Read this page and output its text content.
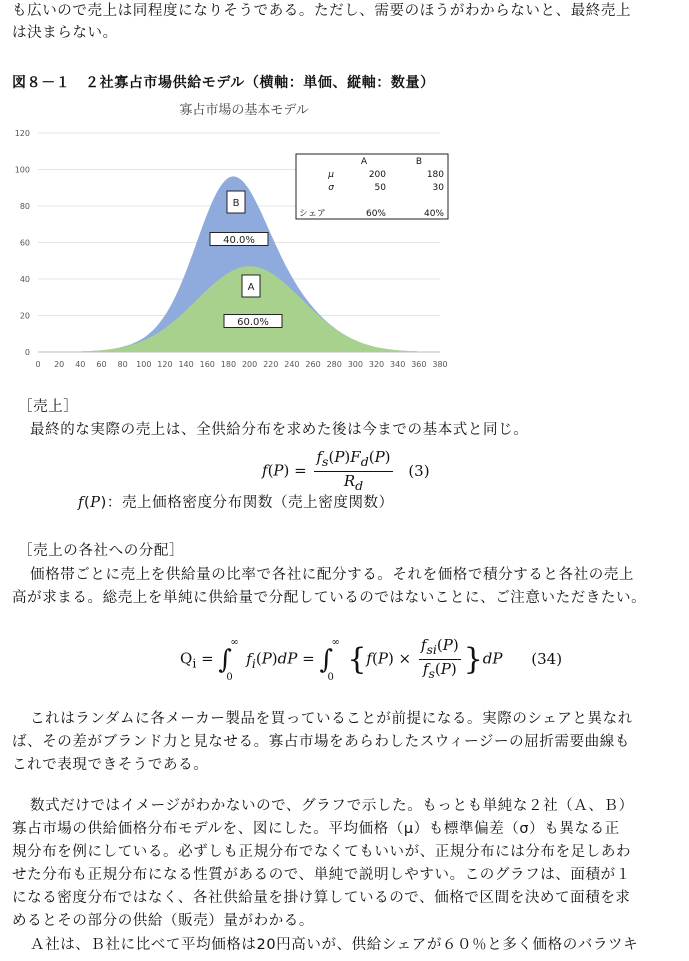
も広いので売上は同程度になりそうである。ただし、需要のほうがわからないと、最終売上
は決まらない。
図８－１　２社寡占市場供給モデル（横軸：単価、縦軸：数量）
寡占市場の基本モデル
0
20
40
60
80
100
120
0 20 40 60 80 100 120 140 160 180 200 220 240 260 280 300 320 340 360 380
B
40.0%
A
60.0%
A	B
μ	200	180
σ	50	30
シェア	60%	40%
［売上］
最終的な実際の売上は、全供給分布を求めた後は今までの基本式と同じ。
$f(P) = \frac{f_s(P)F_d(P)}{R_d} (3)$
f(P)：売上価格密度分布関数（売上密度関数）
［売上の各社への分配］
価格帯ごとに売上を供給量の比率で各社に配分する。それを価格で積分すると各社の売上
高が求まる。総売上を単純に供給量で分配しているのではないことに、ご注意いただきたい。
$Q_i$ = ∫
∞
0
$f_i(P)dP$ = ∫
∞
0 $\{f(P) \times \frac{f_{si}(P)}{f_s(P)} \}dP$ (34)
これはランダムに各メーカー製品を買っていることが前提になる。実際のシェアと異なれ
ば、その差がブランド力と見なせる。寡占市場をあらわしたスウィージーの屈折需要曲線も
これで表現できそうである。
数式だけではイメージがわかないので、グラフで示した。もっとも単純な２社（Ａ、Ｂ）
寡占市場の供給価格分布モデルを、図にした。平均価格（μ）も標準偏差（σ）も異なる正
規分布を例にしている。必ずしも正規分布でなくてもいいが、正規分布には分布を足しあわ
せた分布も正規分布になる性質があるので、単純で説明しやすい。このグラフは、面積が１
になる密度分布ではなく、各社供給量を掛け算しているので、価格で区間を決めて面積を求
めるとその部分の供給（販売）量がわかる。
Ａ社は、Ｂ社に比べて平均価格は20円高いが、供給シェアが６０％と多く価格のバラツキ
